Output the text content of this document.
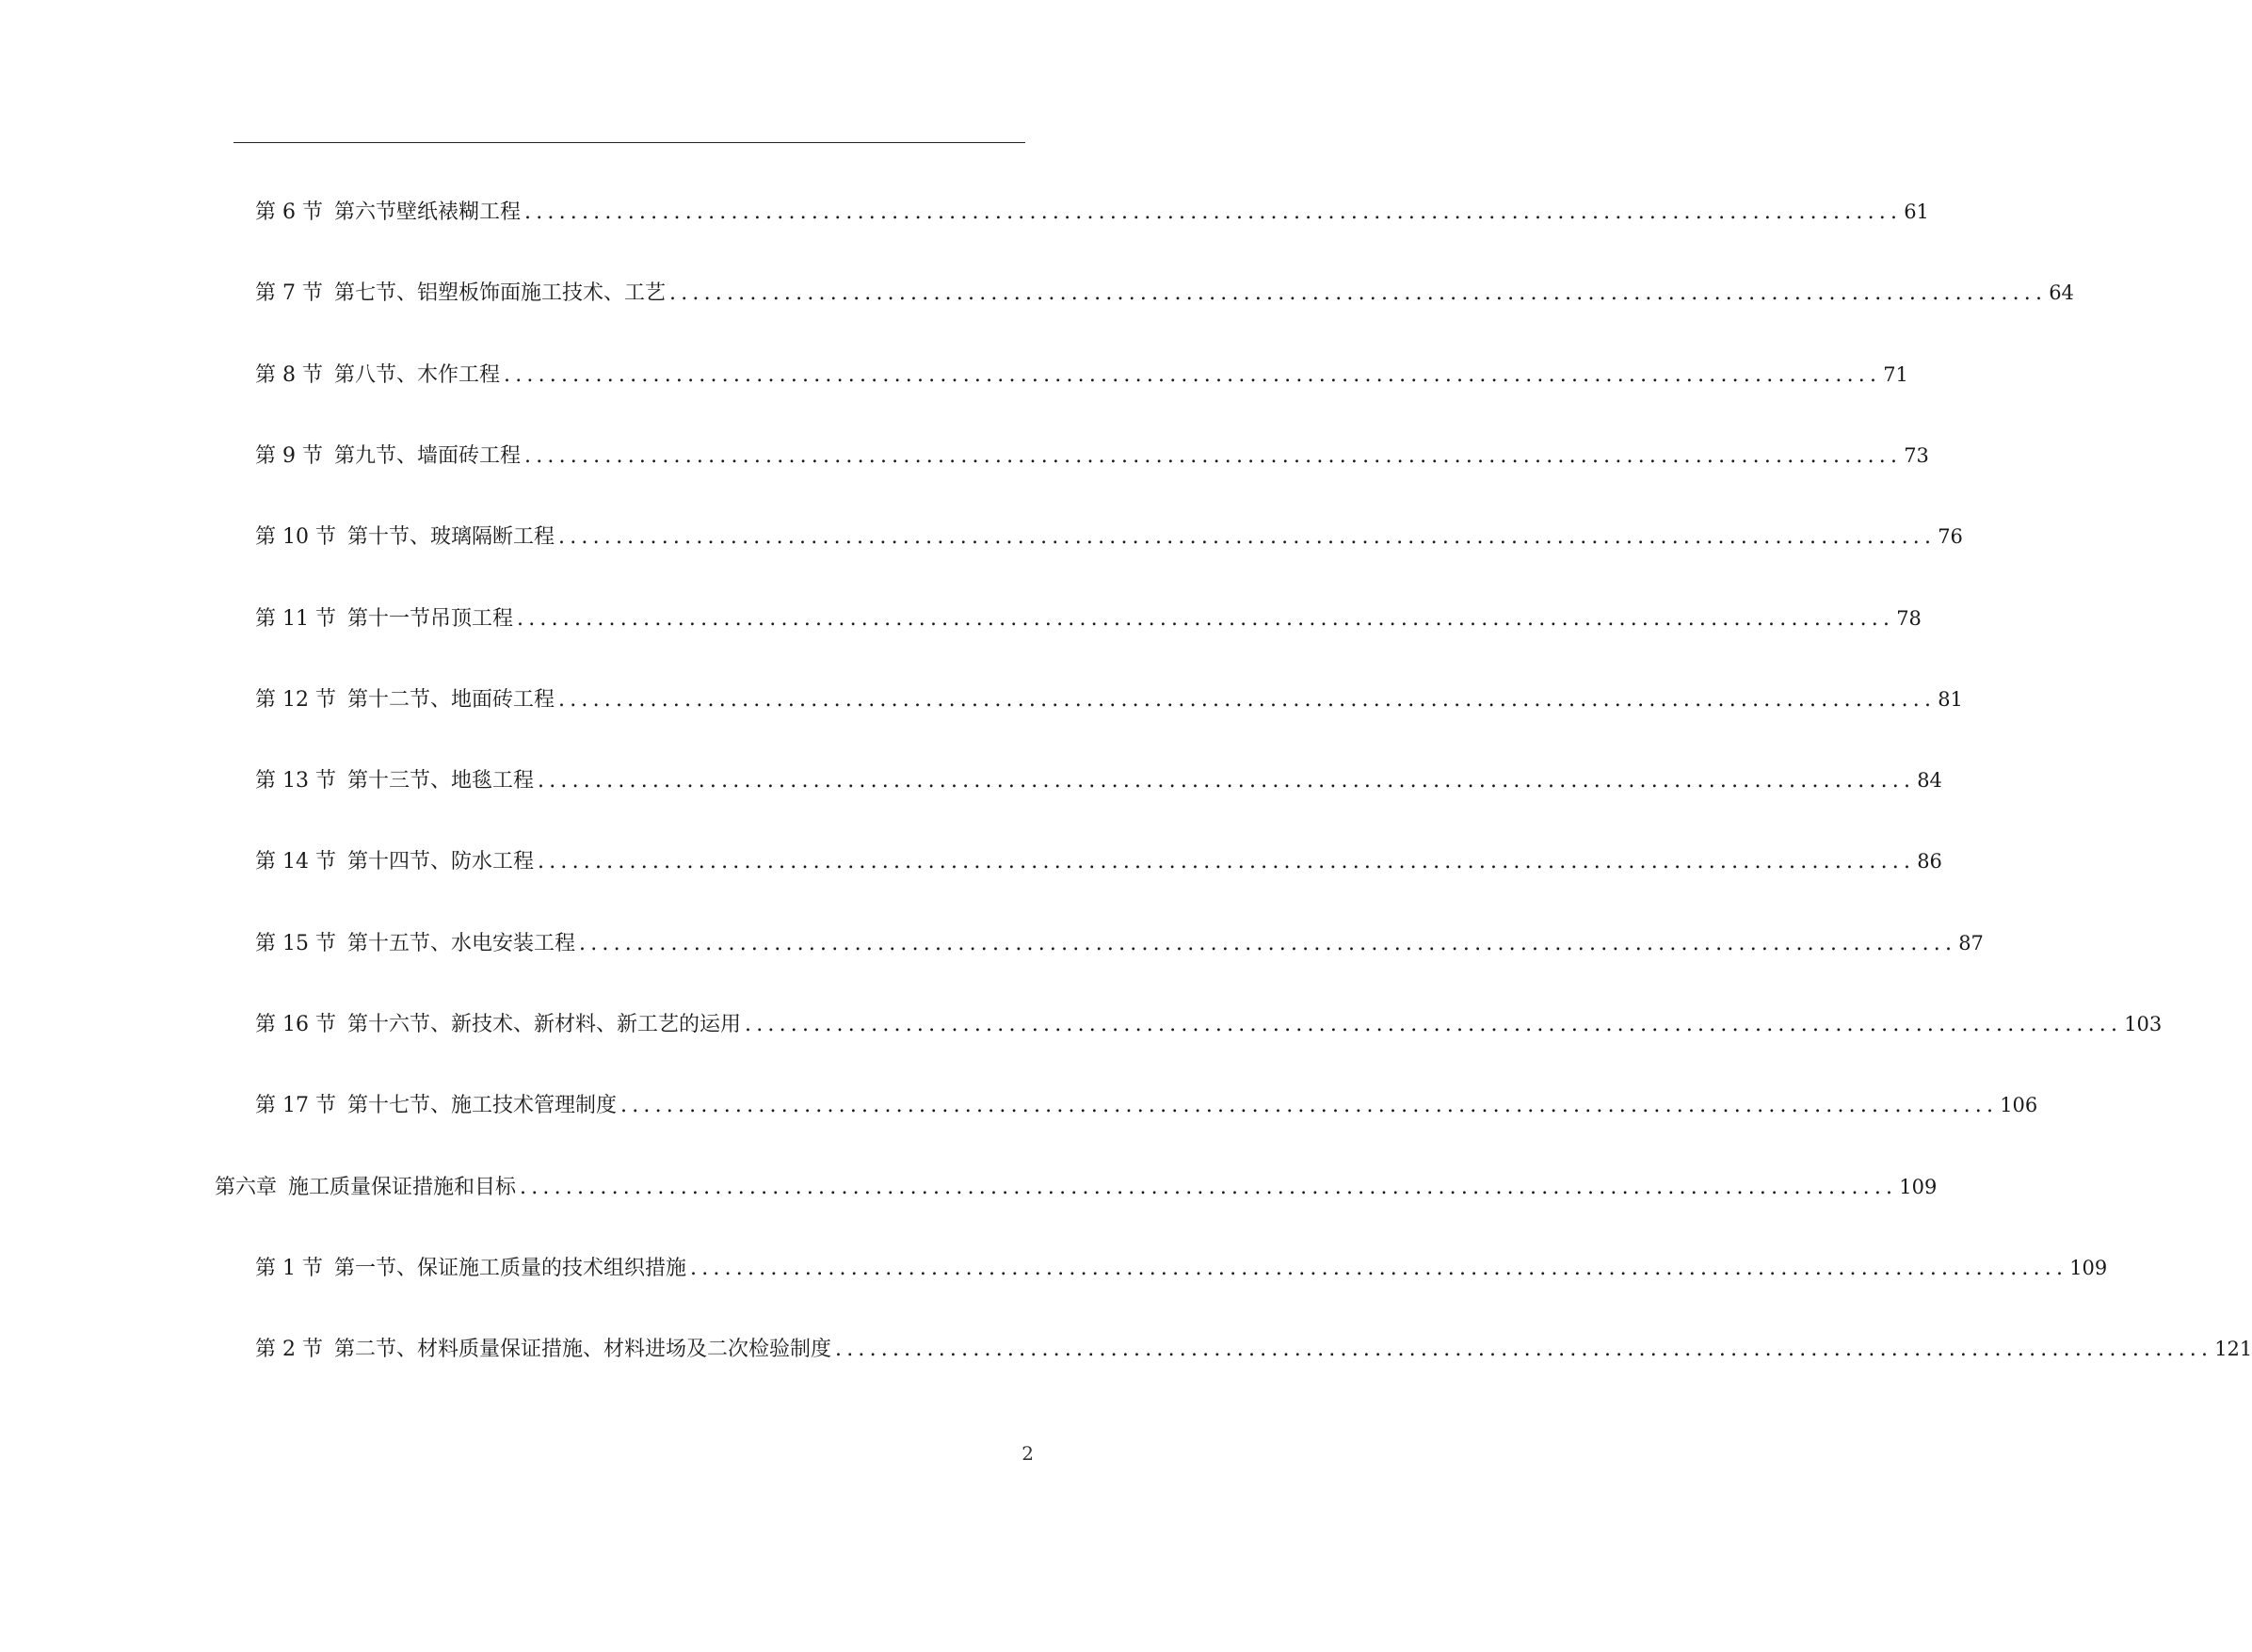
第 6 节 第六节壁纸裱糊工程 ........................................................................................................................ 61
第 7 节 第七节、铝塑板饰面施工技术、工艺 ........................................................................................................................ 64
第 8 节 第八节、木作工程 ........................................................................................................................ 71
第 9 节 第九节、墙面砖工程 ........................................................................................................................ 73
第 10 节 第十节、玻璃隔断工程 ........................................................................................................................ 76
第 11 节 第十一节吊顶工程 ........................................................................................................................ 78
第 12 节 第十二节、地面砖工程 ........................................................................................................................ 81
第 13 节 第十三节、地毯工程 ........................................................................................................................ 84
第 14 节 第十四节、防水工程 ........................................................................................................................ 86
第 15 节 第十五节、水电安装工程 ........................................................................................................................ 87
第 16 节 第十六节、新技术、新材料、新工艺的运用 ........................................................................................................................ 103
第 17 节 第十七节、施工技术管理制度 ........................................................................................................................ 106
第六章 施工质量保证措施和目标 ........................................................................................................................ 109
第 1 节 第一节、保证施工质量的技术组织措施 ........................................................................................................................ 109
第 2 节 第二节、材料质量保证措施、材料进场及二次检验制度 ........................................................................................................................ 121
2
